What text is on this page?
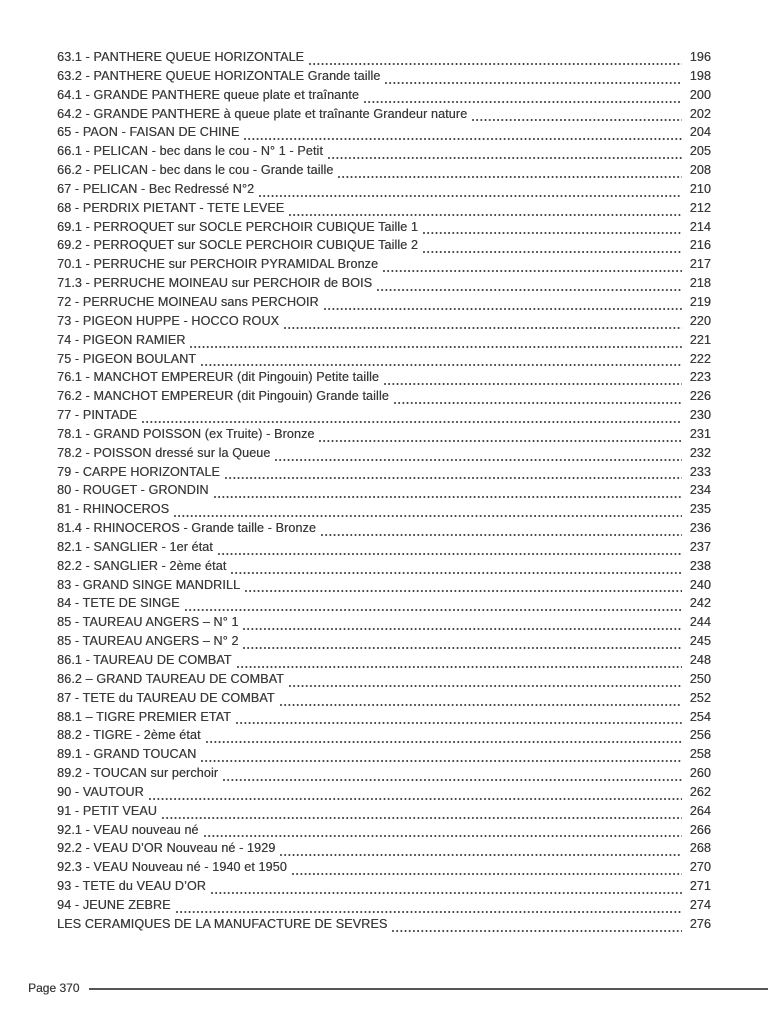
63.1 - PANTHERE QUEUE HORIZONTALE	196
63.2 - PANTHERE QUEUE HORIZONTALE Grande taille	198
64.1 - GRANDE PANTHERE queue plate et traînante	200
64.2 - GRANDE PANTHERE à queue plate et traînante Grandeur nature	202
65 - PAON - FAISAN DE CHINE	204
66.1 - PELICAN - bec dans le cou - N° 1 - Petit	205
66.2 - PELICAN - bec dans le cou - Grande taille	208
67 - PELICAN - Bec Redressé N°2	210
68 - PERDRIX PIETANT - TETE LEVEE	212
69.1 - PERROQUET sur SOCLE PERCHOIR CUBIQUE Taille 1	214
69.2 - PERROQUET sur SOCLE PERCHOIR CUBIQUE Taille 2	216
70.1 - PERRUCHE sur PERCHOIR PYRAMIDAL Bronze	217
71.3 - PERRUCHE MOINEAU sur PERCHOIR de BOIS	218
72 - PERRUCHE MOINEAU sans PERCHOIR	219
73 - PIGEON HUPPE - HOCCO ROUX	220
74 - PIGEON RAMIER	221
75 - PIGEON BOULANT	222
76.1 - MANCHOT EMPEREUR (dit Pingouin) Petite taille	223
76.2 - MANCHOT EMPEREUR (dit Pingouin) Grande taille	226
77 - PINTADE	230
78.1 - GRAND POISSON (ex Truite) - Bronze	231
78.2 - POISSON dressé sur la Queue	232
79 - CARPE HORIZONTALE	233
80 - ROUGET - GRONDIN	234
81 - RHINOCEROS	235
81.4 - RHINOCEROS - Grande taille - Bronze	236
82.1 - SANGLIER - 1er état	237
82.2 - SANGLIER - 2ème état	238
83 - GRAND SINGE MANDRILL	240
84 - TETE DE SINGE	242
85 - TAUREAU ANGERS – N° 1	244
85 - TAUREAU ANGERS – N° 2	245
86.1 - TAUREAU DE COMBAT	248
86.2 – GRAND TAUREAU DE COMBAT	250
87 - TETE du TAUREAU DE COMBAT	252
88.1 – TIGRE PREMIER ETAT	254
88.2 - TIGRE - 2ème état	256
89.1 - GRAND TOUCAN	258
89.2 - TOUCAN sur perchoir	260
90 - VAUTOUR	262
91 - PETIT VEAU	264
92.1 - VEAU nouveau né	266
92.2 - VEAU D’OR Nouveau né - 1929	268
92.3 - VEAU Nouveau né - 1940 et 1950	270
93 - TETE du VEAU D’OR	271
94 - JEUNE ZEBRE	274
LES CERAMIQUES DE LA MANUFACTURE DE SEVRES	276
Page 370
